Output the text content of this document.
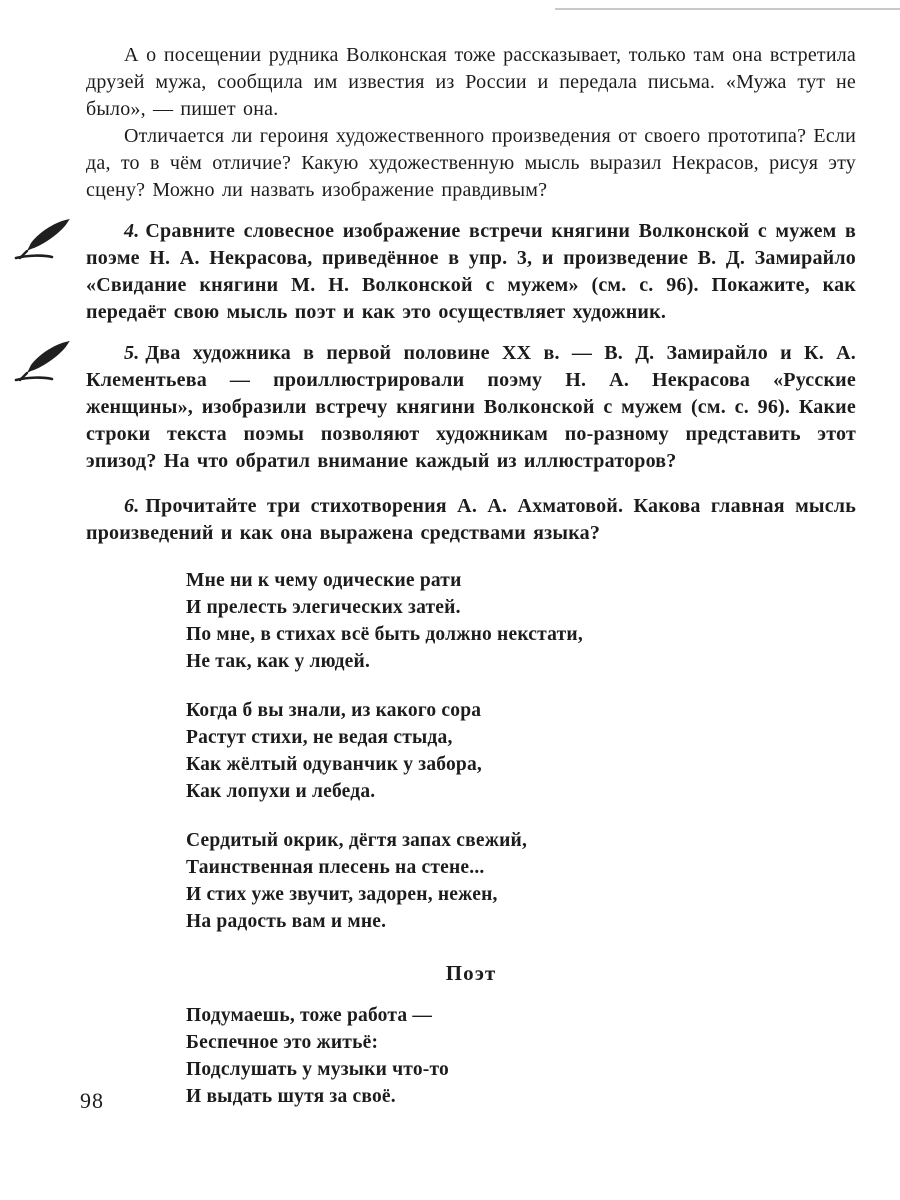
А о посещении рудника Волконская тоже рассказывает, только там она встретила друзей мужа, сообщила им известия из России и передала письма. «Мужа тут не было», — пишет она.

Отличается ли героиня художественного произведения от своего прототипа? Если да, то в чём отличие? Какую художественную мысль выразил Некрасов, рисуя эту сцену? Можно ли назвать изображение правдивым?

4. Сравните словесное изображение встречи княгини Волконской с мужем в поэме Н. А. Некрасова, приведённое в упр. 3, и произведение В. Д. Замирайло «Свидание княгини М. Н. Волконской с мужем» (см. с. 96). Покажите, как передаёт свою мысль поэт и как это осуществляет художник.

5. Два художника в первой половине XX в. — В. Д. Замирайло и К. А. Клементьева — проиллюстрировали поэму Н. А. Некрасова «Русские женщины», изобразили встречу княгини Волконской с мужем (см. с. 96). Какие строки текста поэмы позволяют художникам по-разному представить этот эпизод? На что обратил внимание каждый из иллюстраторов?

6. Прочитайте три стихотворения А. А. Ахматовой. Какова главная мысль произведений и как она выражена средствами языка?

Мне ни к чему одические рати
И прелесть элегических затей.
По мне, в стихах всё быть должно некстати,
Не так, как у людей.
Когда б вы знали, из какого сора
Растут стихи, не ведая стыда,
Как жёлтый одуванчик у забора,
Как лопухи и лебеда.
Сердитый окрик, дёгтя запах свежий,
Таинственная плесень на стене...
И стих уже звучит, задорен, нежен,
На радость вам и мне.
Поэт
Подумаешь, тоже работа —
Беспечное это житьё:
Подслушать у музыки что-то
И выдать шутя за своё.
98
